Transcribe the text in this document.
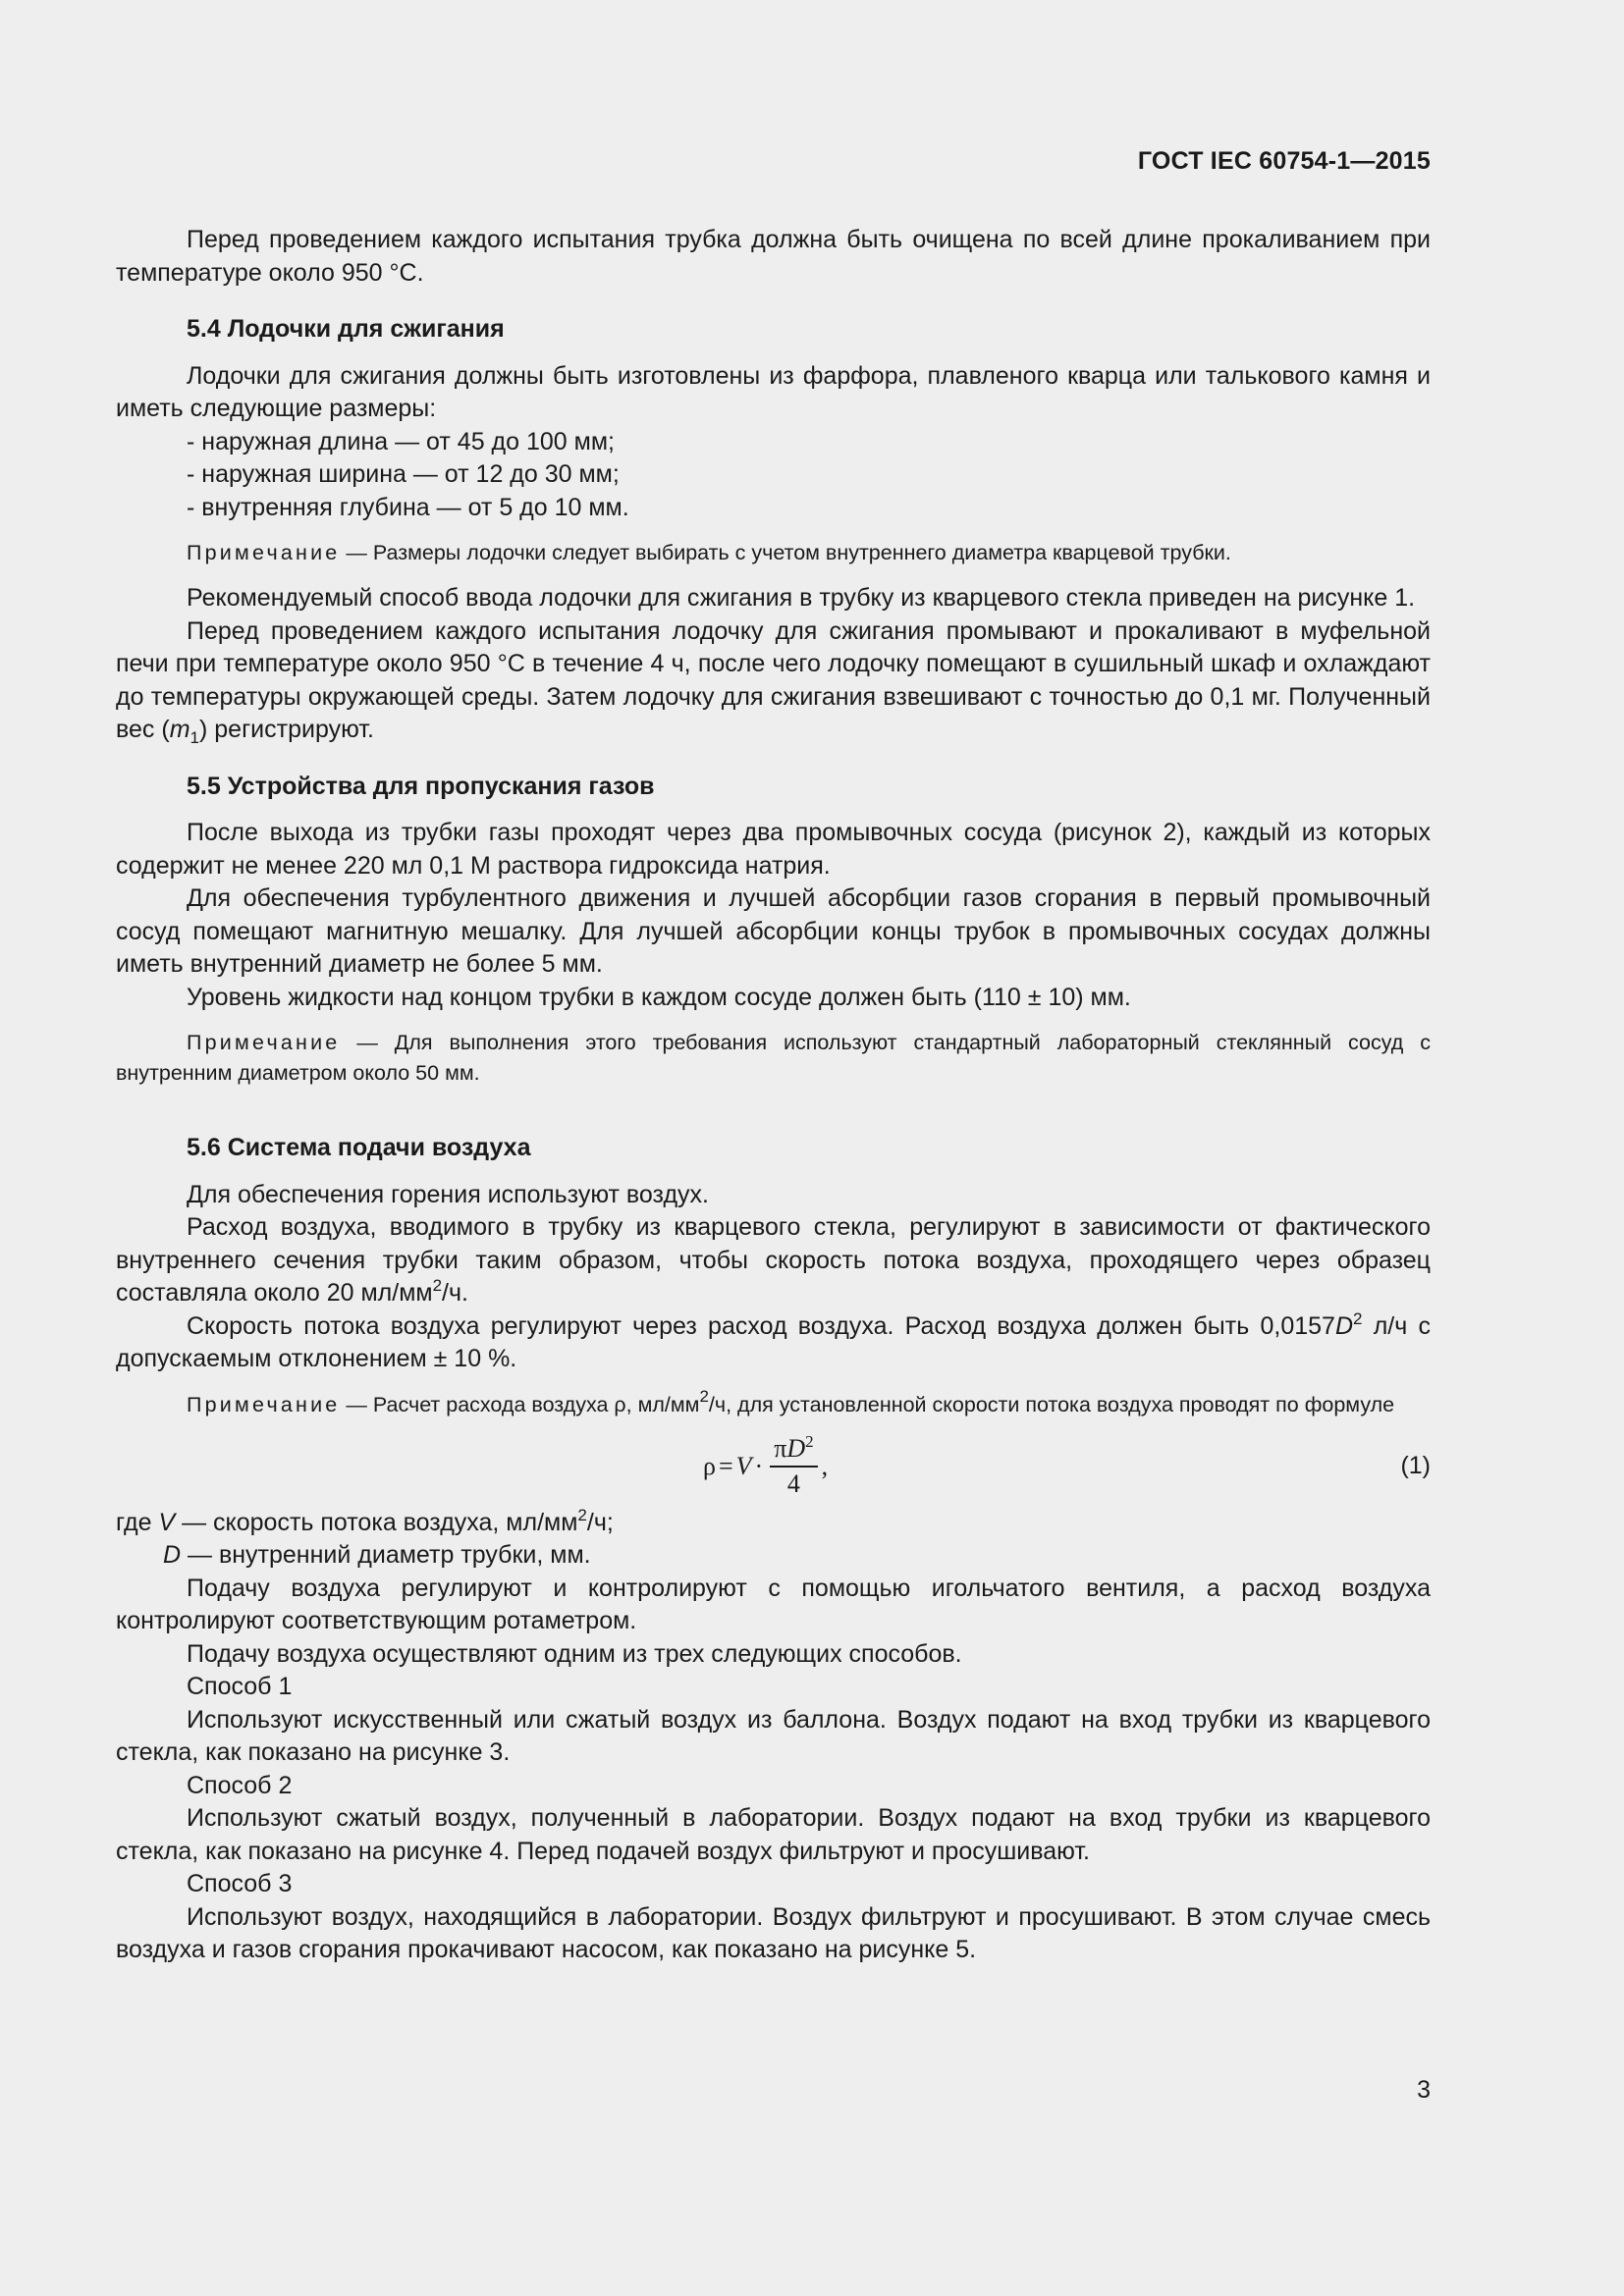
ГОСТ IEC 60754-1—2015

Перед проведением каждого испытания трубка должна быть очищена по всей длине прокаливанием при температуре около 950 °С.

5.4 Лодочки для сжигания

Лодочки для сжигания должны быть изготовлены из фарфора, плавленого кварца или талькового камня и иметь следующие размеры:

- наружная длина — от 45 до 100 мм;

- наружная ширина — от 12 до 30 мм;

- внутренняя глубина — от 5 до 10 мм.

Примечание — Размеры лодочки следует выбирать с учетом внутреннего диаметра кварцевой трубки.

Рекомендуемый способ ввода лодочки для сжигания в трубку из кварцевого стекла приведен на рисунке 1.

Перед проведением каждого испытания лодочку для сжигания промывают и прокаливают в муфельной печи при температуре около 950 °С в течение 4 ч, после чего лодочку помещают в сушильный шкаф и охлаждают до температуры окружающей среды. Затем лодочку для сжигания взвешивают с точностью до 0,1 мг. Полученный вес $(m_1)$ регистрируют.

5.5 Устройства для пропускания газов

После выхода из трубки газы проходят через два промывочных сосуда (рисунок 2), каждый из которых содержит не менее 220 мл 0,1 М раствора гидроксида натрия.

Для обеспечения турбулентного движения и лучшей абсорбции газов сгорания в первый промывочный сосуд помещают магнитную мешалку. Для лучшей абсорбции концы трубок в промывочных сосудах должны иметь внутренний диаметр не более 5 мм.

Уровень жидкости над концом трубки в каждом сосуде должен быть (110 ± 10) мм.

Примечание — Для выполнения этого требования используют стандартный лабораторный стеклянный сосуд с внутренним диаметром около 50 мм.

5.6 Система подачи воздуха

Для обеспечения горения используют воздух.

Расход воздуха, вводимого в трубку из кварцевого стекла, регулируют в зависимости от фактического внутреннего сечения трубки таким образом, чтобы скорость потока воздуха, проходящего через образец составляла около 20 $мл/мм^2/ч$.

Скорость потока воздуха регулируют через расход воздуха. Расход воздуха должен быть $0,0157D^2$ л/ч с допускаемым отклонением ± 10 %.

Примечание — Расчет расхода воздуха ρ, $мл/мм^2/ч$, для установленной скорости потока воздуха проводят по формуле

$\rho = V \cdot \frac{\pi D^2}{4}$ ,	(1)

где V — скорость потока воздуха, $мл/мм^2/ч$;

D — внутренний диаметр трубки, мм.

Подачу воздуха регулируют и контролируют с помощью игольчатого вентиля, а расход воздуха контролируют соответствующим ротаметром.

Подачу воздуха осуществляют одним из трех следующих способов.

Способ 1

Используют искусственный или сжатый воздух из баллона. Воздух подают на вход трубки из кварцевого стекла, как показано на рисунке 3.

Способ 2

Используют сжатый воздух, полученный в лаборатории. Воздух подают на вход трубки из кварцевого стекла, как показано на рисунке 4. Перед подачей воздух фильтруют и просушивают.

Способ 3

Используют воздух, находящийся в лаборатории. Воздух фильтруют и просушивают. В этом случае смесь воздуха и газов сгорания прокачивают насосом, как показано на рисунке 5.

3
